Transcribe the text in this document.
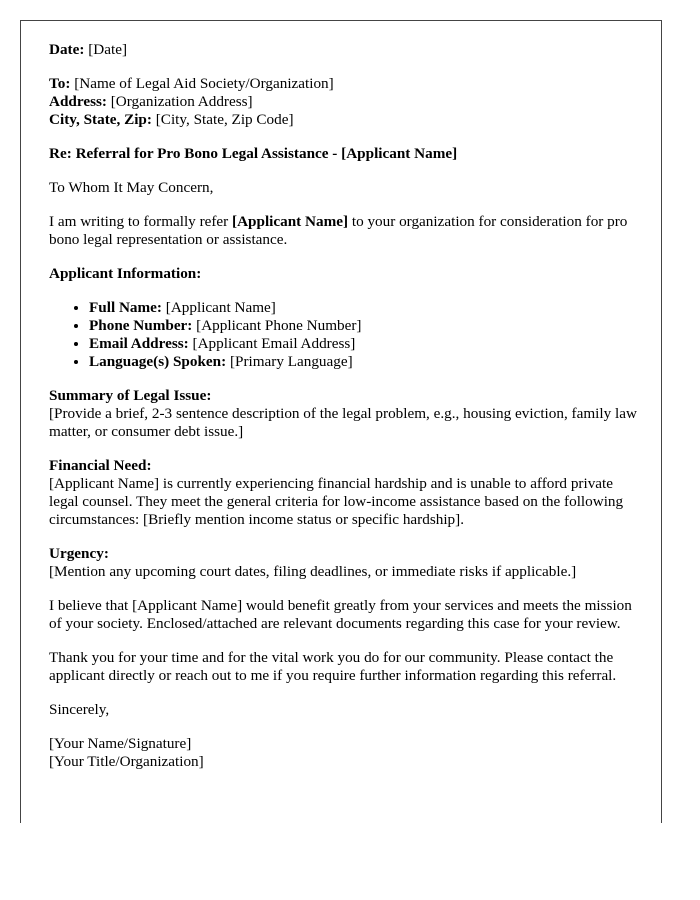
Date: [Date]

To: [Name of Legal Aid Society/Organization]
Address: [Organization Address]
City, State, Zip: [City, State, Zip Code]

Re: Referral for Pro Bono Legal Assistance - [Applicant Name]

To Whom It May Concern,

I am writing to formally refer [Applicant Name] to your organization for consideration for pro bono legal representation or assistance.

Applicant Information:

• Full Name: [Applicant Name]
• Phone Number: [Applicant Phone Number]
• Email Address: [Applicant Email Address]
• Language(s) Spoken: [Primary Language]

Summary of Legal Issue:
[Provide a brief, 2-3 sentence description of the legal problem, e.g., housing eviction, family law matter, or consumer debt issue.]

Financial Need:
[Applicant Name] is currently experiencing financial hardship and is unable to afford private legal counsel. They meet the general criteria for low-income assistance based on the following circumstances: [Briefly mention income status or specific hardship].

Urgency:
[Mention any upcoming court dates, filing deadlines, or immediate risks if applicable.]

I believe that [Applicant Name] would benefit greatly from your services and meets the mission of your society. Enclosed/attached are relevant documents regarding this case for your review.

Thank you for your time and for the vital work you do for our community. Please contact the applicant directly or reach out to me if you require further information regarding this referral.

Sincerely,

[Your Name/Signature]
[Your Title/Organization]
